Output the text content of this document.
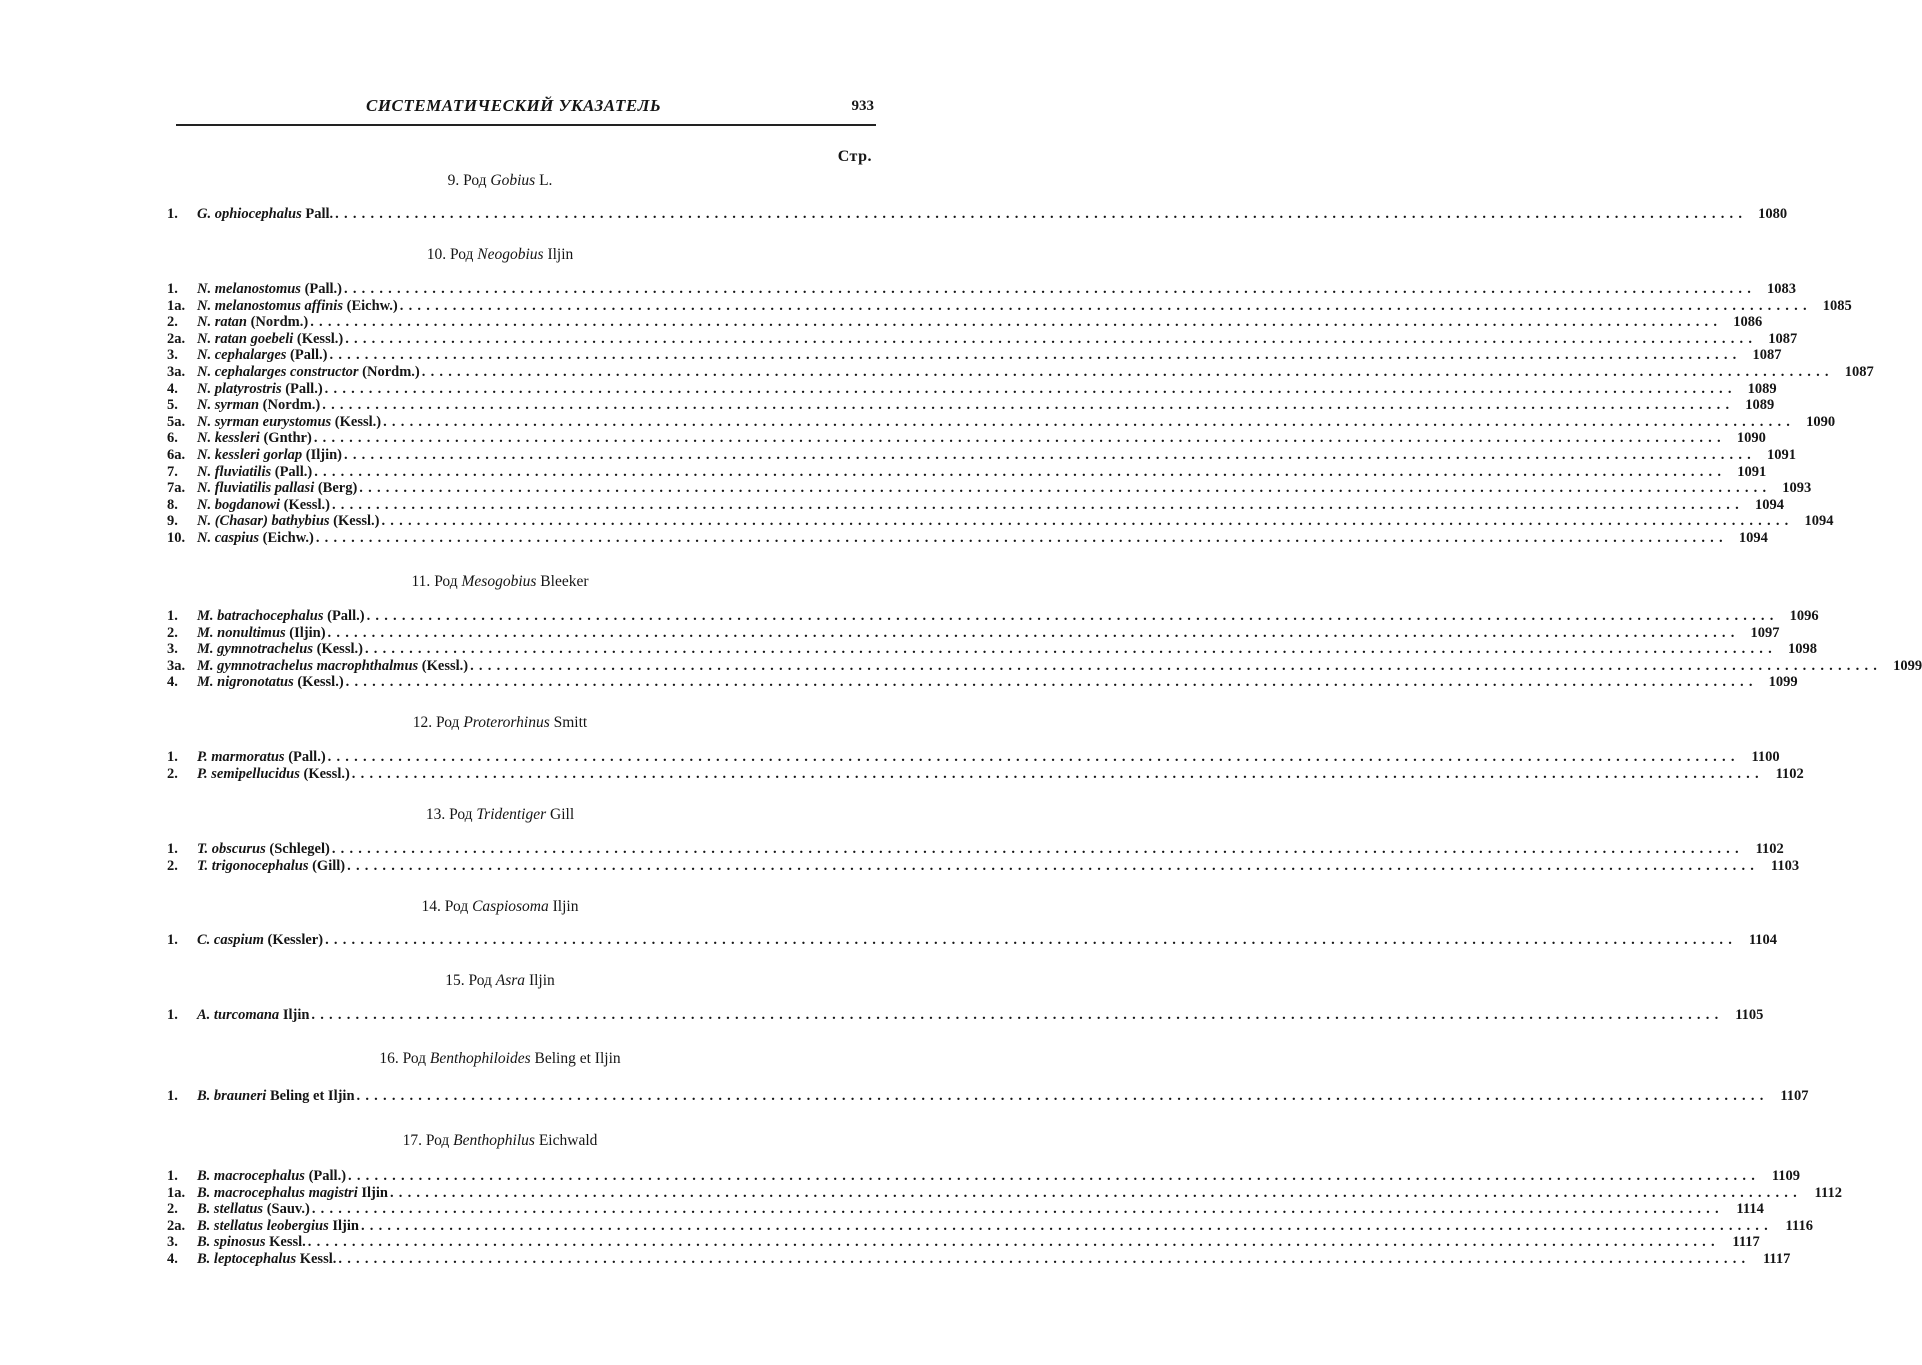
СИСТЕМАТИЧЕСКИЙ УКАЗАТЕЛЬ	933
Стр.
9. Род Gobius L.
1.	G. ophiocephalus Pall. ................................................................................................................................................................ 1080
10. Род Neogobius Iljin
1.	N. melanostomus (Pall.) ................................................................................................................................................................ 1083
1a. N. melanostomus affinis (Eichw.) ................................................................................................................................................................ 1085
2.	N. ratan (Nordm.) ................................................................................................................................................................ 1086
2a. N. ratan goebeli (Kessl.) ................................................................................................................................................................ 1087
3.	N. cephalarges (Pall.) ................................................................................................................................................................ 1087
3a. N. cephalarges constructor (Nordm.) ................................................................................................................................................................ 1087
4.	N. platyrostris (Pall.) ................................................................................................................................................................ 1089
5.	N. syrman (Nordm.) ................................................................................................................................................................ 1089
5a. N. syrman eurystomus (Kessl.) ................................................................................................................................................................ 1090
6.	N. kessleri (Gnthr) ................................................................................................................................................................ 1090
6a. N. kessleri gorlap (Iljin) ................................................................................................................................................................ 1091
7.	N. fluviatilis (Pall.) ................................................................................................................................................................ 1091
7a. N. fluviatilis pallasi (Berg) ................................................................................................................................................................ 1093
8.	N. bogdanowi (Kessl.) ................................................................................................................................................................ 1094
9.	N. (Chasar) bathybius (Kessl.) ................................................................................................................................................................ 1094
10. N. caspius (Eichw.) ................................................................................................................................................................ 1094
11. Род Mesogobius Bleeker
1.	M. batrachocephalus (Pall.) ................................................................................................................................................................ 1096
2.	M. nonultimus (Iljin) ................................................................................................................................................................ 1097
3.	M. gymnotrachelus (Kessl.) ................................................................................................................................................................ 1098
3a. M. gymnotrachelus macrophthalmus (Kessl.) ................................................................................................................................................................ 1099
4.	M. nigronotatus (Kessl.) ................................................................................................................................................................ 1099
12. Род Proterorhinus Smitt
1.	P. marmoratus (Pall.) ................................................................................................................................................................ 1100
2.	P. semipellucidus (Kessl.) ................................................................................................................................................................ 1102
13. Род Tridentiger Gill
1.	T. obscurus (Schlegel) ................................................................................................................................................................ 1102
2.	T. trigonocephalus (Gill) ................................................................................................................................................................ 1103
14. Род Caspiosoma Iljin
1.	C. caspium (Kessler) ................................................................................................................................................................ 1104
15. Род Asra Iljin
1.	A. turcomana Iljin ................................................................................................................................................................ 1105
16. Род Benthophiloides Beling et Iljin
1.	B. brauneri Beling et Iljin ................................................................................................................................................................ 1107
17. Род Benthophilus Eichwald
1.	B. macrocephalus (Pall.) ................................................................................................................................................................ 1109
1a. B. macrocephalus magistri Iljin ................................................................................................................................................................ 1112
2.	B. stellatus (Sauv.) ................................................................................................................................................................ 1114
2a. B. stellatus leobergius Iljin ................................................................................................................................................................ 1116
3.	B. spinosus Kessl. ................................................................................................................................................................ 1117
4.	B. leptocephalus Kessl. ................................................................................................................................................................ 1117
